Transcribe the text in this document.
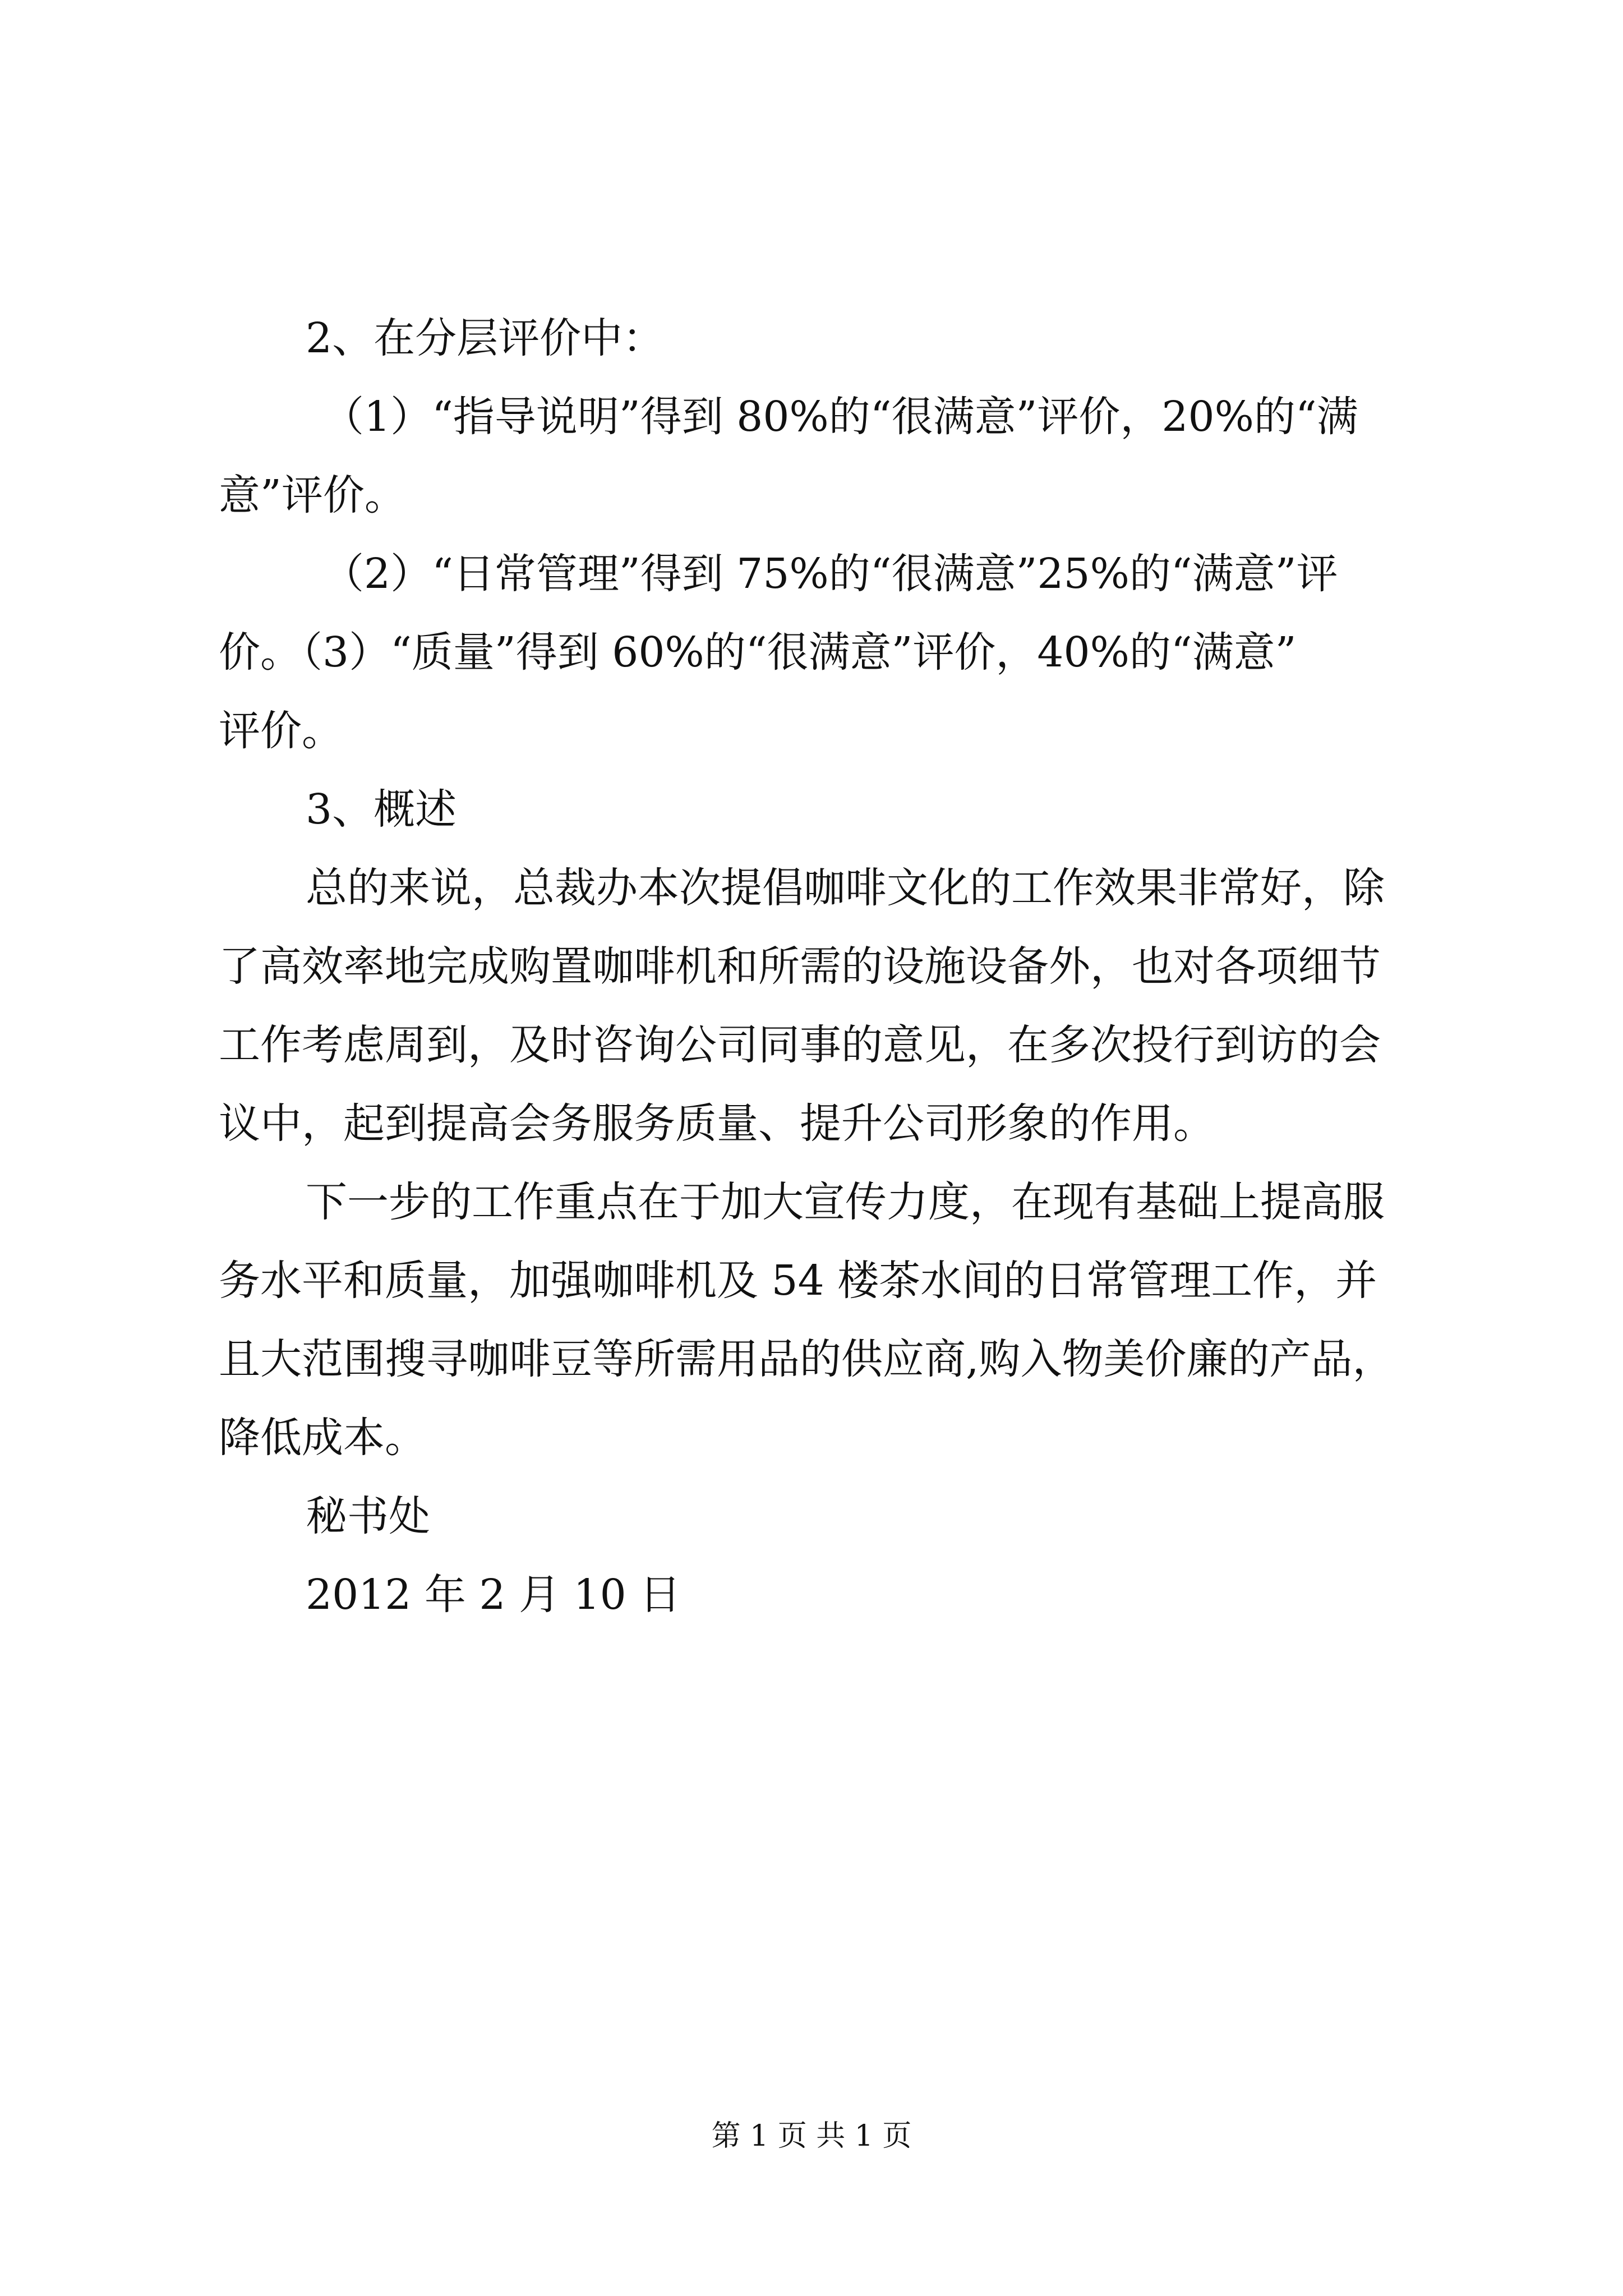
2、在分层评价中：

（1）“指导说明”得到 80%的“很满意”评价，20%的“满

意”评价。

（2）“日常管理”得到 75%的“很满意”25%的“满意”评

价。（3）“质量”得到 60%的“很满意”评价，40%的“满意”

评价。

3、概述

总的来说，总裁办本次提倡咖啡文化的工作效果非常好，除

了高效率地完成购置咖啡机和所需的设施设备外，也对各项细节

工作考虑周到，及时咨询公司同事的意见，在多次投行到访的会

议中，起到提高会务服务质量、提升公司形象的作用。

下一步的工作重点在于加大宣传力度，在现有基础上提高服

务水平和质量，加强咖啡机及 54 楼茶水间的日常管理工作，并

且大范围搜寻咖啡豆等所需用品的供应商,购入物美价廉的产品，

降低成本。

秘书处

2012 年 2 月 10 日

第 1 页 共 1 页
